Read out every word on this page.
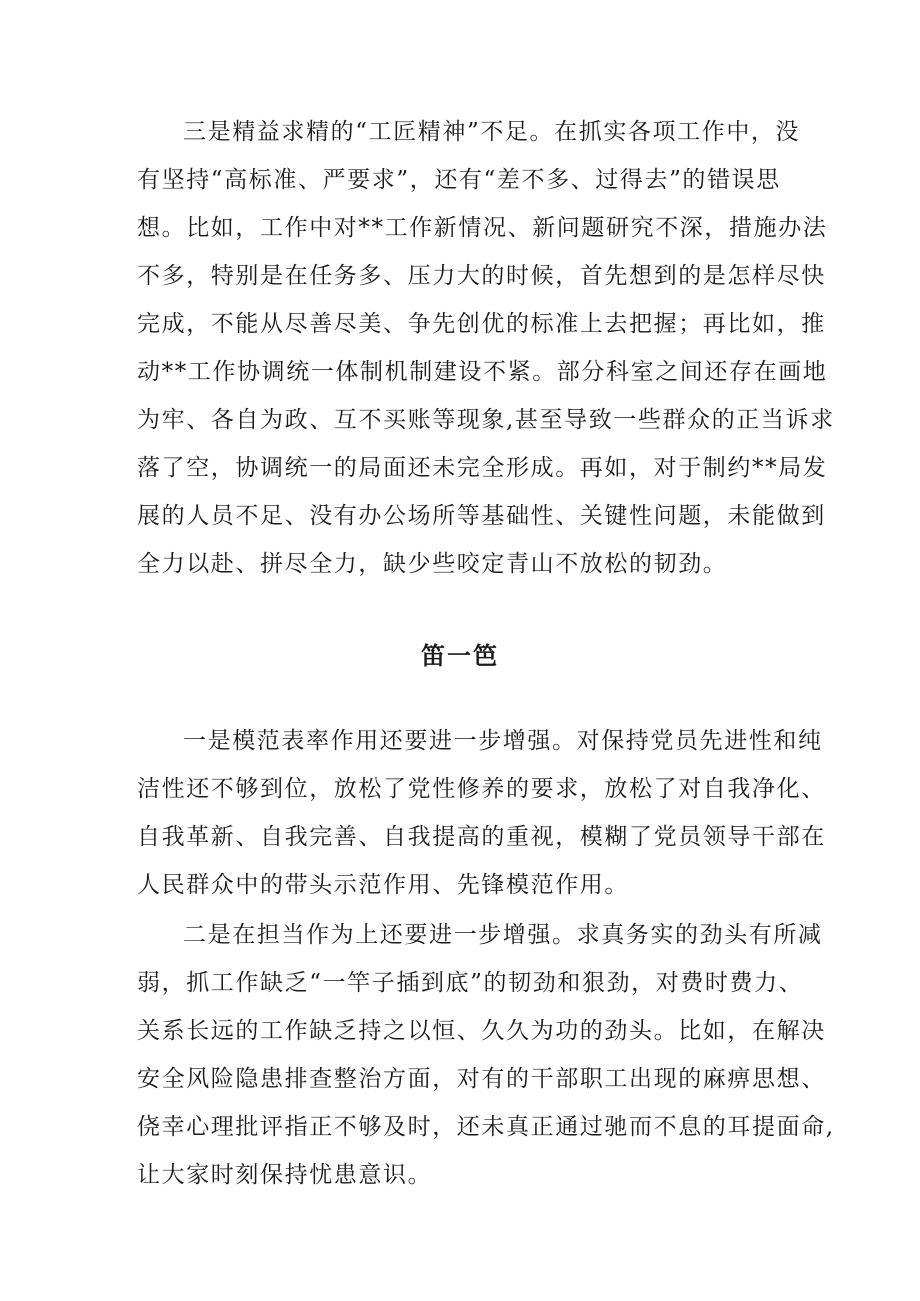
三是精益求精的“工匠精神”不足。在抓实各项工作中，没
有坚持“高标准、严要求”，还有“差不多、过得去”的错误思
想。比如，工作中对**工作新情况、新问题研究不深，措施办法
不多，特别是在任务多、压力大的时候，首先想到的是怎样尽快
完成，不能从尽善尽美、争先创优的标准上去把握；再比如，推
动**工作协调统一体制机制建设不紧。部分科室之间还存在画地
为牢、各自为政、互不买账等现象,甚至导致一些群众的正当诉求
落了空，协调统一的局面还未完全形成。再如，对于制约**局发
展的人员不足、没有办公场所等基础性、关键性问题，未能做到
全力以赴、拼尽全力，缺少些咬定青山不放松的韧劲。
笛一笆
一是模范表率作用还要进一步增强。对保持党员先进性和纯
洁性还不够到位，放松了党性修养的要求，放松了对自我净化、
自我革新、自我完善、自我提高的重视，模糊了党员领导干部在
人民群众中的带头示范作用、先锋模范作用。
二是在担当作为上还要进一步增强。求真务实的劲头有所减
弱，抓工作缺乏“一竿子插到底”的韧劲和狠劲，对费时费力、
关系长远的工作缺乏持之以恒、久久为功的劲头。比如，在解决
安全风险隐患排查整治方面，对有的干部职工出现的麻痹思想、
侥幸心理批评指正不够及时，还未真正通过驰而不息的耳提面命,
让大家时刻保持忧患意识。
